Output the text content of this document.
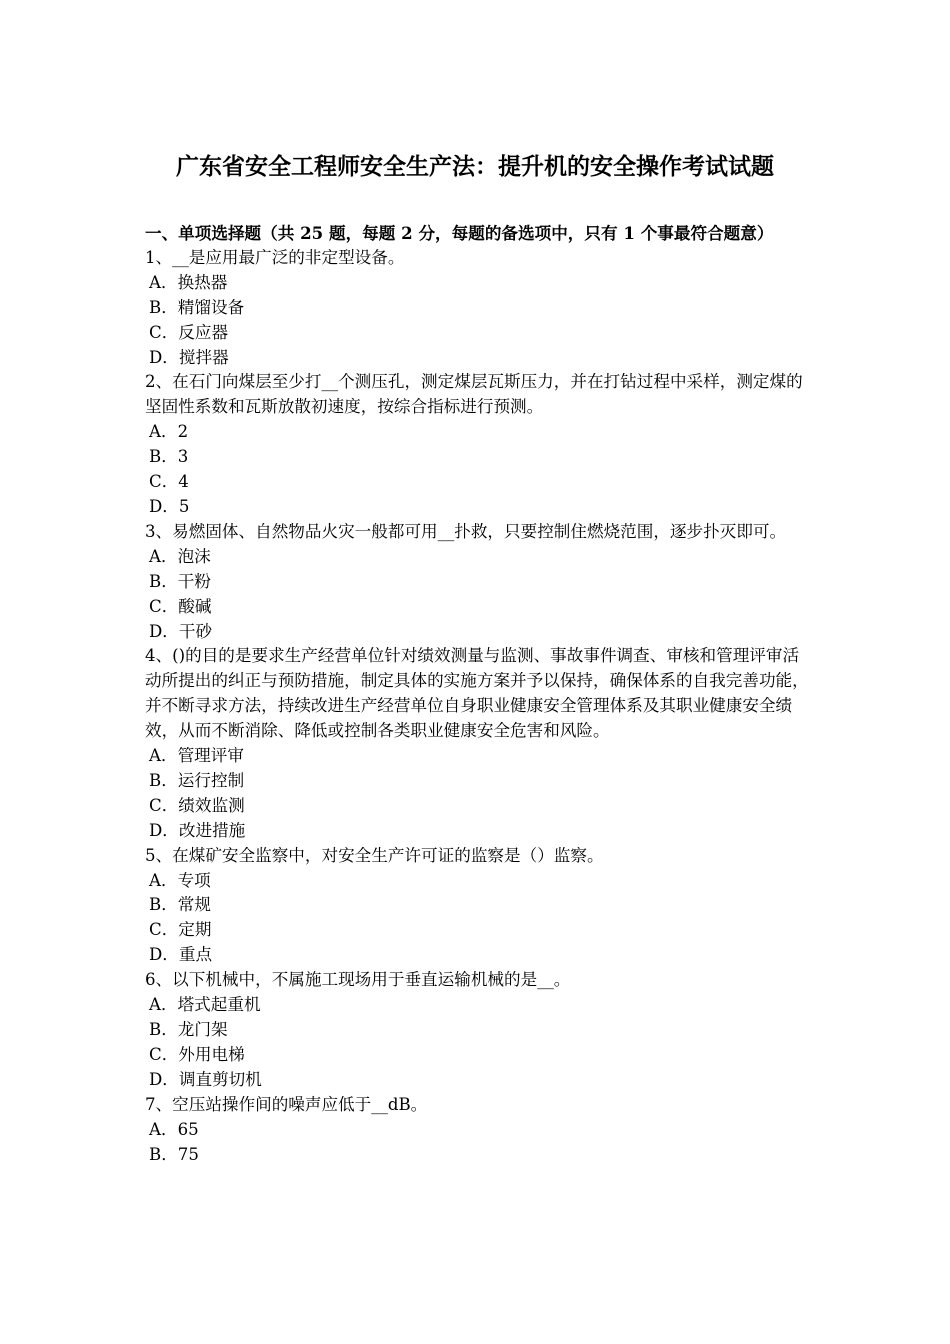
广东省安全工程师安全生产法：提升机的安全操作考试试题
一、单项选择题（共 25 题，每题 2 分，每题的备选项中，只有 1 个事最符合题意）
1、__是应用最广泛的非定型设备。
A．换热器
B．精馏设备
C．反应器
D．搅拌器
2、在石门向煤层至少打__个测压孔，测定煤层瓦斯压力，并在打钻过程中采样，测定煤的坚固性系数和瓦斯放散初速度，按综合指标进行预测。
A．2
B．3
C．4
D．5
3、易燃固体、自然物品火灾一般都可用__扑救，只要控制住燃烧范围，逐步扑灭即可。
A．泡沫
B．干粉
C．酸碱
D．干砂
4、()的目的是要求生产经营单位针对绩效测量与监测、事故事件调查、审核和管理评审活动所提出的纠正与预防措施，制定具体的实施方案并予以保持，确保体系的自我完善功能，并不断寻求方法，持续改进生产经营单位自身职业健康安全管理体系及其职业健康安全绩效，从而不断消除、降低或控制各类职业健康安全危害和风险。
A．管理评审
B．运行控制
C．绩效监测
D．改进措施
5、在煤矿安全监察中，对安全生产许可证的监察是（）监察。
A．专项
B．常规
C．定期
D．重点
6、以下机械中，不属施工现场用于垂直运输机械的是__。
A．塔式起重机
B．龙门架
C．外用电梯
D．调直剪切机
7、空压站操作间的噪声应低于__dB。
A．65
B．75
